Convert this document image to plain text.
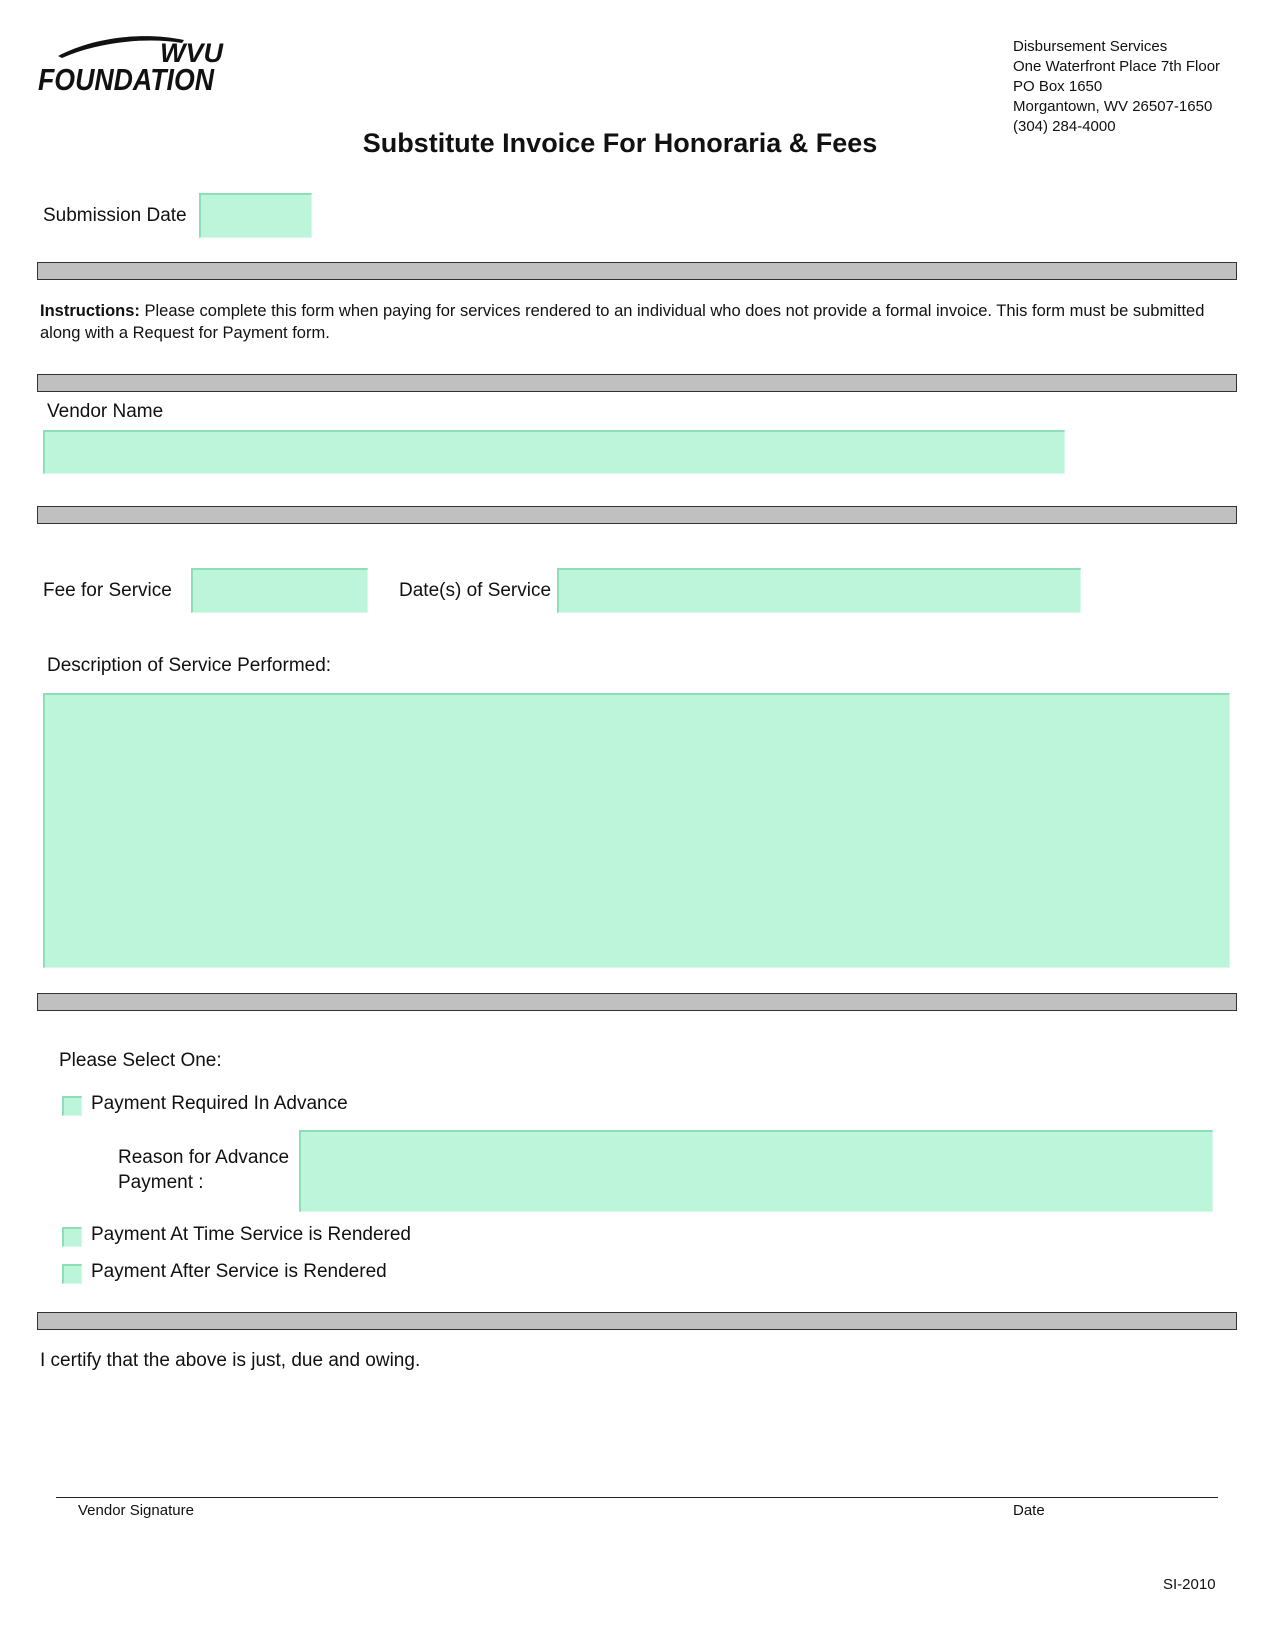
WVU
FOUNDATION
Disbursement Services
One Waterfront Place 7th Floor
PO Box 1650
Morgantown, WV 26507-1650
(304) 284-4000
Substitute Invoice For Honoraria & Fees
Submission Date
Instructions: Please complete this form when paying for services rendered to an individual who does not provide a formal invoice. This form must be submitted along with a Request for Payment form.
Vendor Name
Fee for Service	Date(s) of Service
Description of Service Performed:
Please Select One:
Payment Required In Advance
Reason for Advance
Payment :
Payment At Time Service is Rendered
Payment After Service is Rendered
I certify that the above is just, due and owing.
Vendor Signature	Date
SI-2010
